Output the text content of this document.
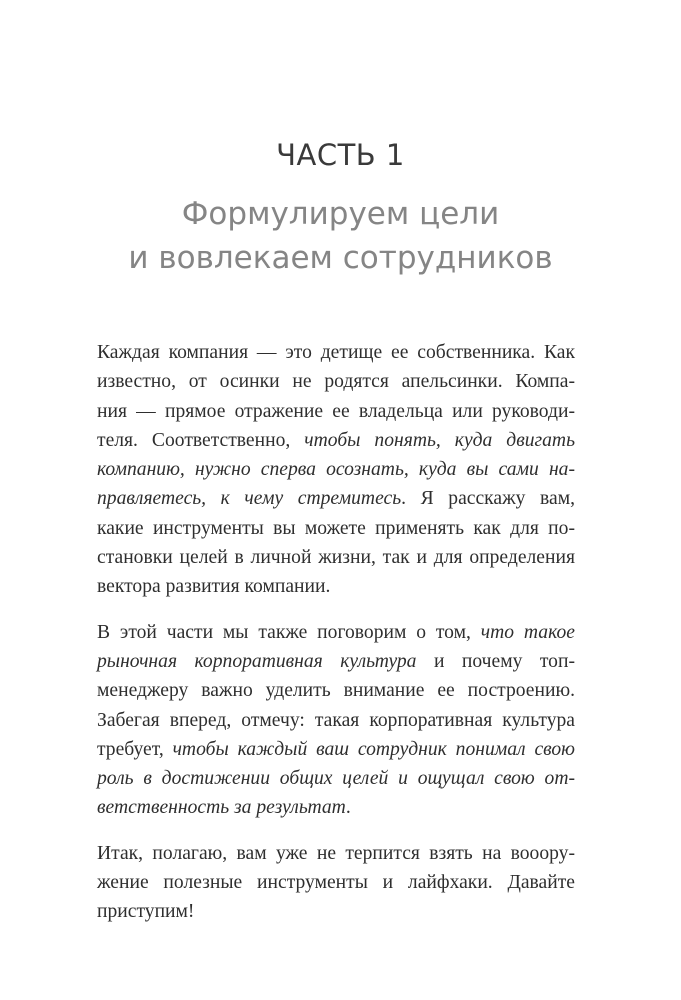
ЧАСТЬ 1
Формулируем цели
и вовлекаем сотрудников

Каждая компания — это детище ее собственника. Как
известно, от осинки не родятся апельсинки. Компа-
ния — прямое отражение ее владельца или руководи-
теля. Соответственно, чтобы понять, куда двигать
компанию, нужно сперва осознать, куда вы сами на-
правляетесь, к чему стремитесь. Я расскажу вам,
какие инструменты вы можете применять как для по-
становки целей в личной жизни, так и для определения
вектора развития компании.

В этой части мы также поговорим о том, что такое
рыночная корпоративная культура и почему топ-
менеджеру важно уделить внимание ее построению.
Забегая вперед, отмечу: такая корпоративная культура
требует, чтобы каждый ваш сотрудник понимал свою
роль в достижении общих целей и ощущал свою от-
ветственность за результат.

Итак, полагаю, вам уже не терпится взять на вооору-
жение полезные инструменты и лайфхаки. Давайте
приступим!
